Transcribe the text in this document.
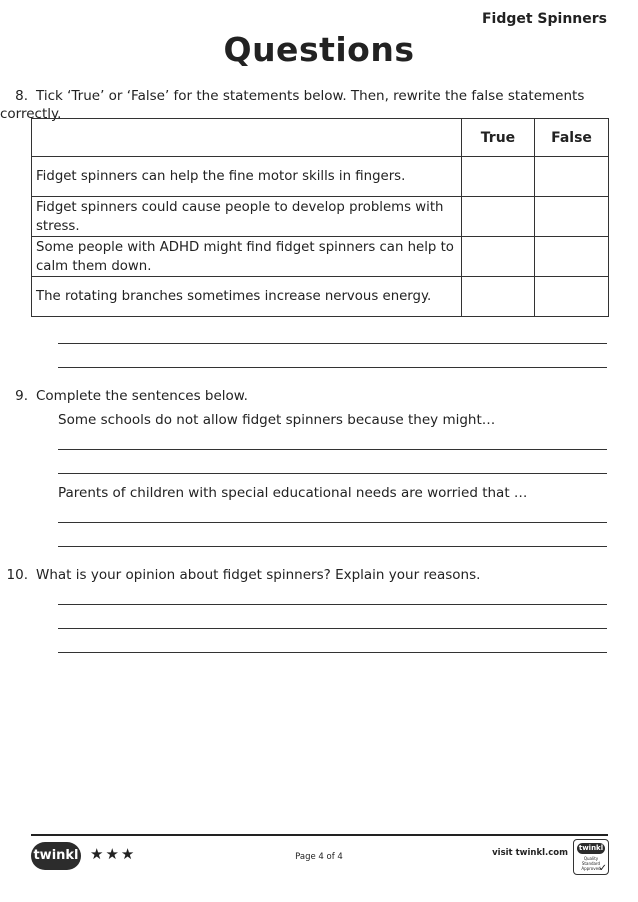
Fidget Spinners
Questions
8. Tick ‘True’ or ‘False’ for the statements below. Then, rewrite the false statements correctly.
	True	False
Fidget spinners can help the fine motor skills in fingers.		
Fidget spinners could cause people to develop problems with stress.		
Some people with ADHD might find fidget spinners can help to calm them down.		
The rotating branches sometimes increase nervous energy.		
9. Complete the sentences below.
Some schools do not allow fidget spinners because they might…
Parents of children with special educational needs are worried that …
10. What is your opinion about fidget spinners? Explain your reasons.
twinkl ★★★	Page 4 of 4	visit twinkl.com twinkl
Quality Standard Approved
✓
